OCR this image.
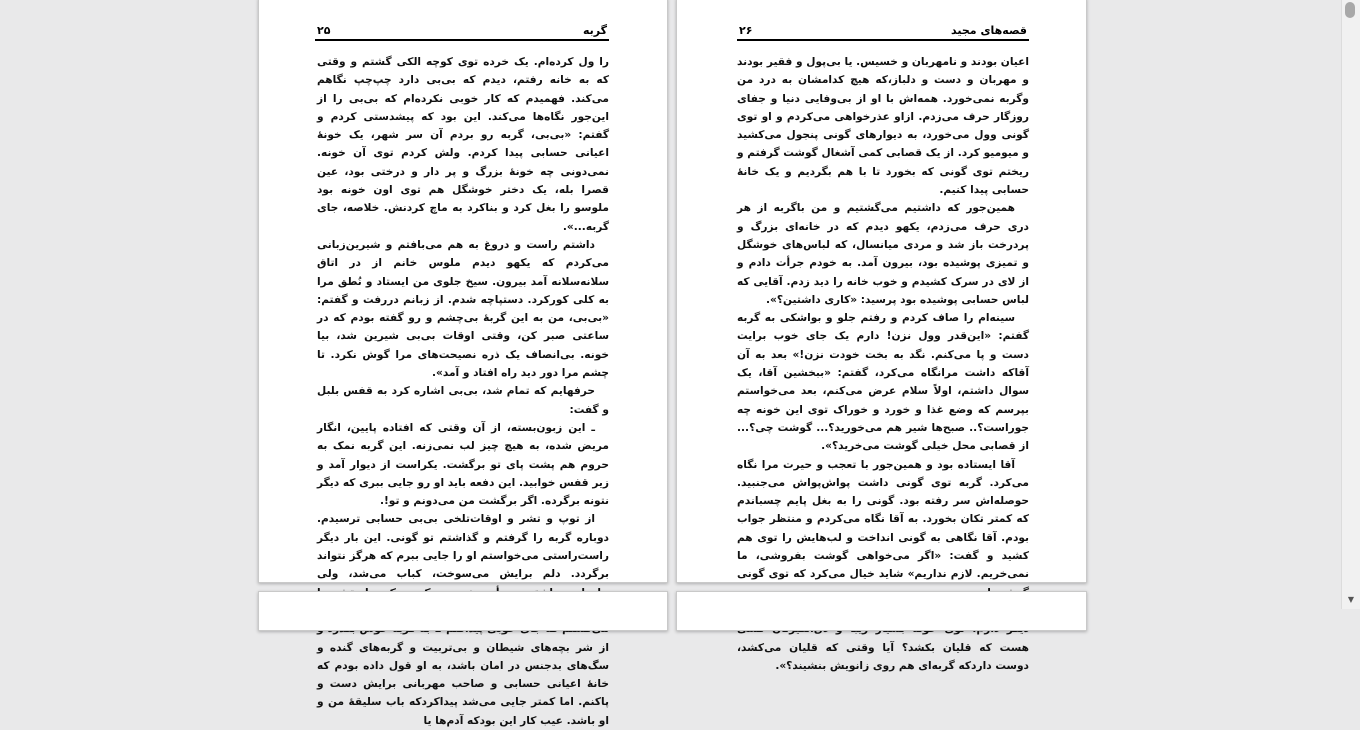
۲۵	گربه

را ول کرده‌ام. یک خرده توی کوچه الکی گشتم و وقتی که به خانه رفتم، دیدم که بی‌بی دارد چپ‌چپ نگاهم می‌کند. فهمیدم که کار خوبی نکرده‌ام که بی‌بی را از این‌جور نگاه‌ها می‌کند. این بود که پیشدستی کردم و گفتم: «بی‌بی، گربه رو بردم آن سر شهر، یک خونهٔ اعیانی حسابی پیدا کردم. ولش کردم توی آن خونه. نمی‌دونی چه خونهٔ بزرگ و پر دار و درختی بود، عین قصرا بله، یک دختر خوشگل هم توی اون خونه بود ملوسو را بغل کرد و بناکرد به ماچ کردنش. خلاصه، جای گربه...».

داشتم راست و دروغ به هم می‌بافتم و شیرین‌زبانی می‌کردم که یکهو دیدم ملوس خانم از در اتاق سلانه‌سلانه آمد بیرون. سیخ جلوی من ایستاد و نُطق مرا به کلی کورکرد. دستپاچه شدم. از زبانم دررفت و گفتم: «بی‌بی، من به این گربهٔ بی‌چشم و رو گفته بودم که در ساعتی صبر کن، وقتی اوقات بی‌بی شیرین شد، بیا خونه. بی‌انصاف یک ذره نصیحت‌های مرا گوش نکرد. تا چشم مرا دور دید راه افتاد و آمد».

حرفهایم که تمام شد، بی‌بی اشاره کرد به قفس بلبل و گفت:

ـ این زبون‌بسته، از آن وقتی که افتاده پایین، انگار مریض شده، به هیچ چیز لب نمی‌زنه. این گربه نمک به حروم هم پشت پای تو برگشت. یکراست از دیوار آمد و زیر قفس خوابید. این دفعه باید او رو جایی ببری که دیگر نتونه برگرده. اگر برگشت من می‌دونم و تو!.

از توپ و تشر و اوقات‌تلخی بی‌بی حسابی ترسیدم. دوباره گربه را گرفتم و گذاشتم تو گونی. این بار دیگر راست‌راستی می‌خواستم او را جایی ببرم که هرگز نتواند برگردد. دلم برایش می‌سوخت، کباب می‌شد، ولی از شر بچه‌های شیطان و بی‌تربیت و گربه‌های گنده و سگ‌های بدجنس در امان باشد، به او قول داده بودم که خانهٔ اعیانی حسابی و صاحب مهربانی برایش دست و پاکنم. اما کمتر جایی می‌شد پیداکردکه باب سلیقهٔ من و او باشد. عیب کار این بودکه آدم‌ها یا

۲۶	قصه‌های مجید

اعیان بودند و نامهربان و خسیس. یا بی‌پول و فقیر بودند و مهربان و دست و دلباز،که هیچ کدامشان به درد من وگربه نمی‌خورد. همه‌اش با او از بی‌وفایی دنیا و جفای روزگار حرف می‌زدم. ازاو عذرخواهی می‌کردم و او توی گونی وول می‌خورد، به دیوارهای گونی پنجول می‌کشید و میومیو کرد. از یک قصابی کمی آشغال گوشت گرفتم و ریختم توی گونی که بخورد تا با هم بگردیم و یک خانهٔ حسابی پیدا کنیم.

همین‌جور که داشتیم می‌گشتیم و من باگربه از هر دری حرف می‌زدم، یکهو دیدم که در خانه‌ای بزرگ و پردرخت باز شد و مردی میانسال، که لباس‌های خوشگل و تمیزی پوشیده بود، بیرون آمد. به خودم جرأت دادم و از لای در سرک کشیدم و خوب خانه را دید زدم. آقایی که لباس حسابی پوشیده بود پرسید: «کاری داشتین؟».

سینه‌ام را صاف کردم و رفتم جلو و بواشکی به گربه گفتم: «این‌قدر وول نزن! دارم یک جای خوب برایت دست و پا می‌کنم. نگد به بخت خودت نزن!» بعد به آن آقاکه داشت مرانگاه می‌کرد، گفتم: «ببخشین آقا، یک سوال داشتم، اولاً سلام عرض می‌کنم، بعد می‌خواستم بپرسم که وضع غذا و خورد و خوراک توی این خونه چه جوراست؟.. صبح‌ها شیر هم می‌خورید؟... گوشت چی؟... از قصابی محل خیلی گوشت می‌خرید؟».

آقا ایستاده بود و همین‌جور با تعجب و حیرت مرا نگاه می‌کرد. گربه توی گونی داشت پواش‌پواش می‌جنبید. حوصله‌اش سر رفته بود. گونی را به بغل پایم چسباندم که کمتر تکان بخورد. به آقا نگاه می‌کردم و منتظر جواب بودم. آقا نگاهی به گونی انداخت و لب‌هایش را توی هم کشید و گفت: «اگر می‌خواهی گوشت بفروشی، ما نمی‌خریم. لازم نداریم» شاید خیال می‌کرد که توی گونی

هست که قلیان بکشد؟ آیا وقتی که قلیان می‌کشد، دوست داردکه گربه‌ای هم روی زانویش بنشیند؟».

▼
